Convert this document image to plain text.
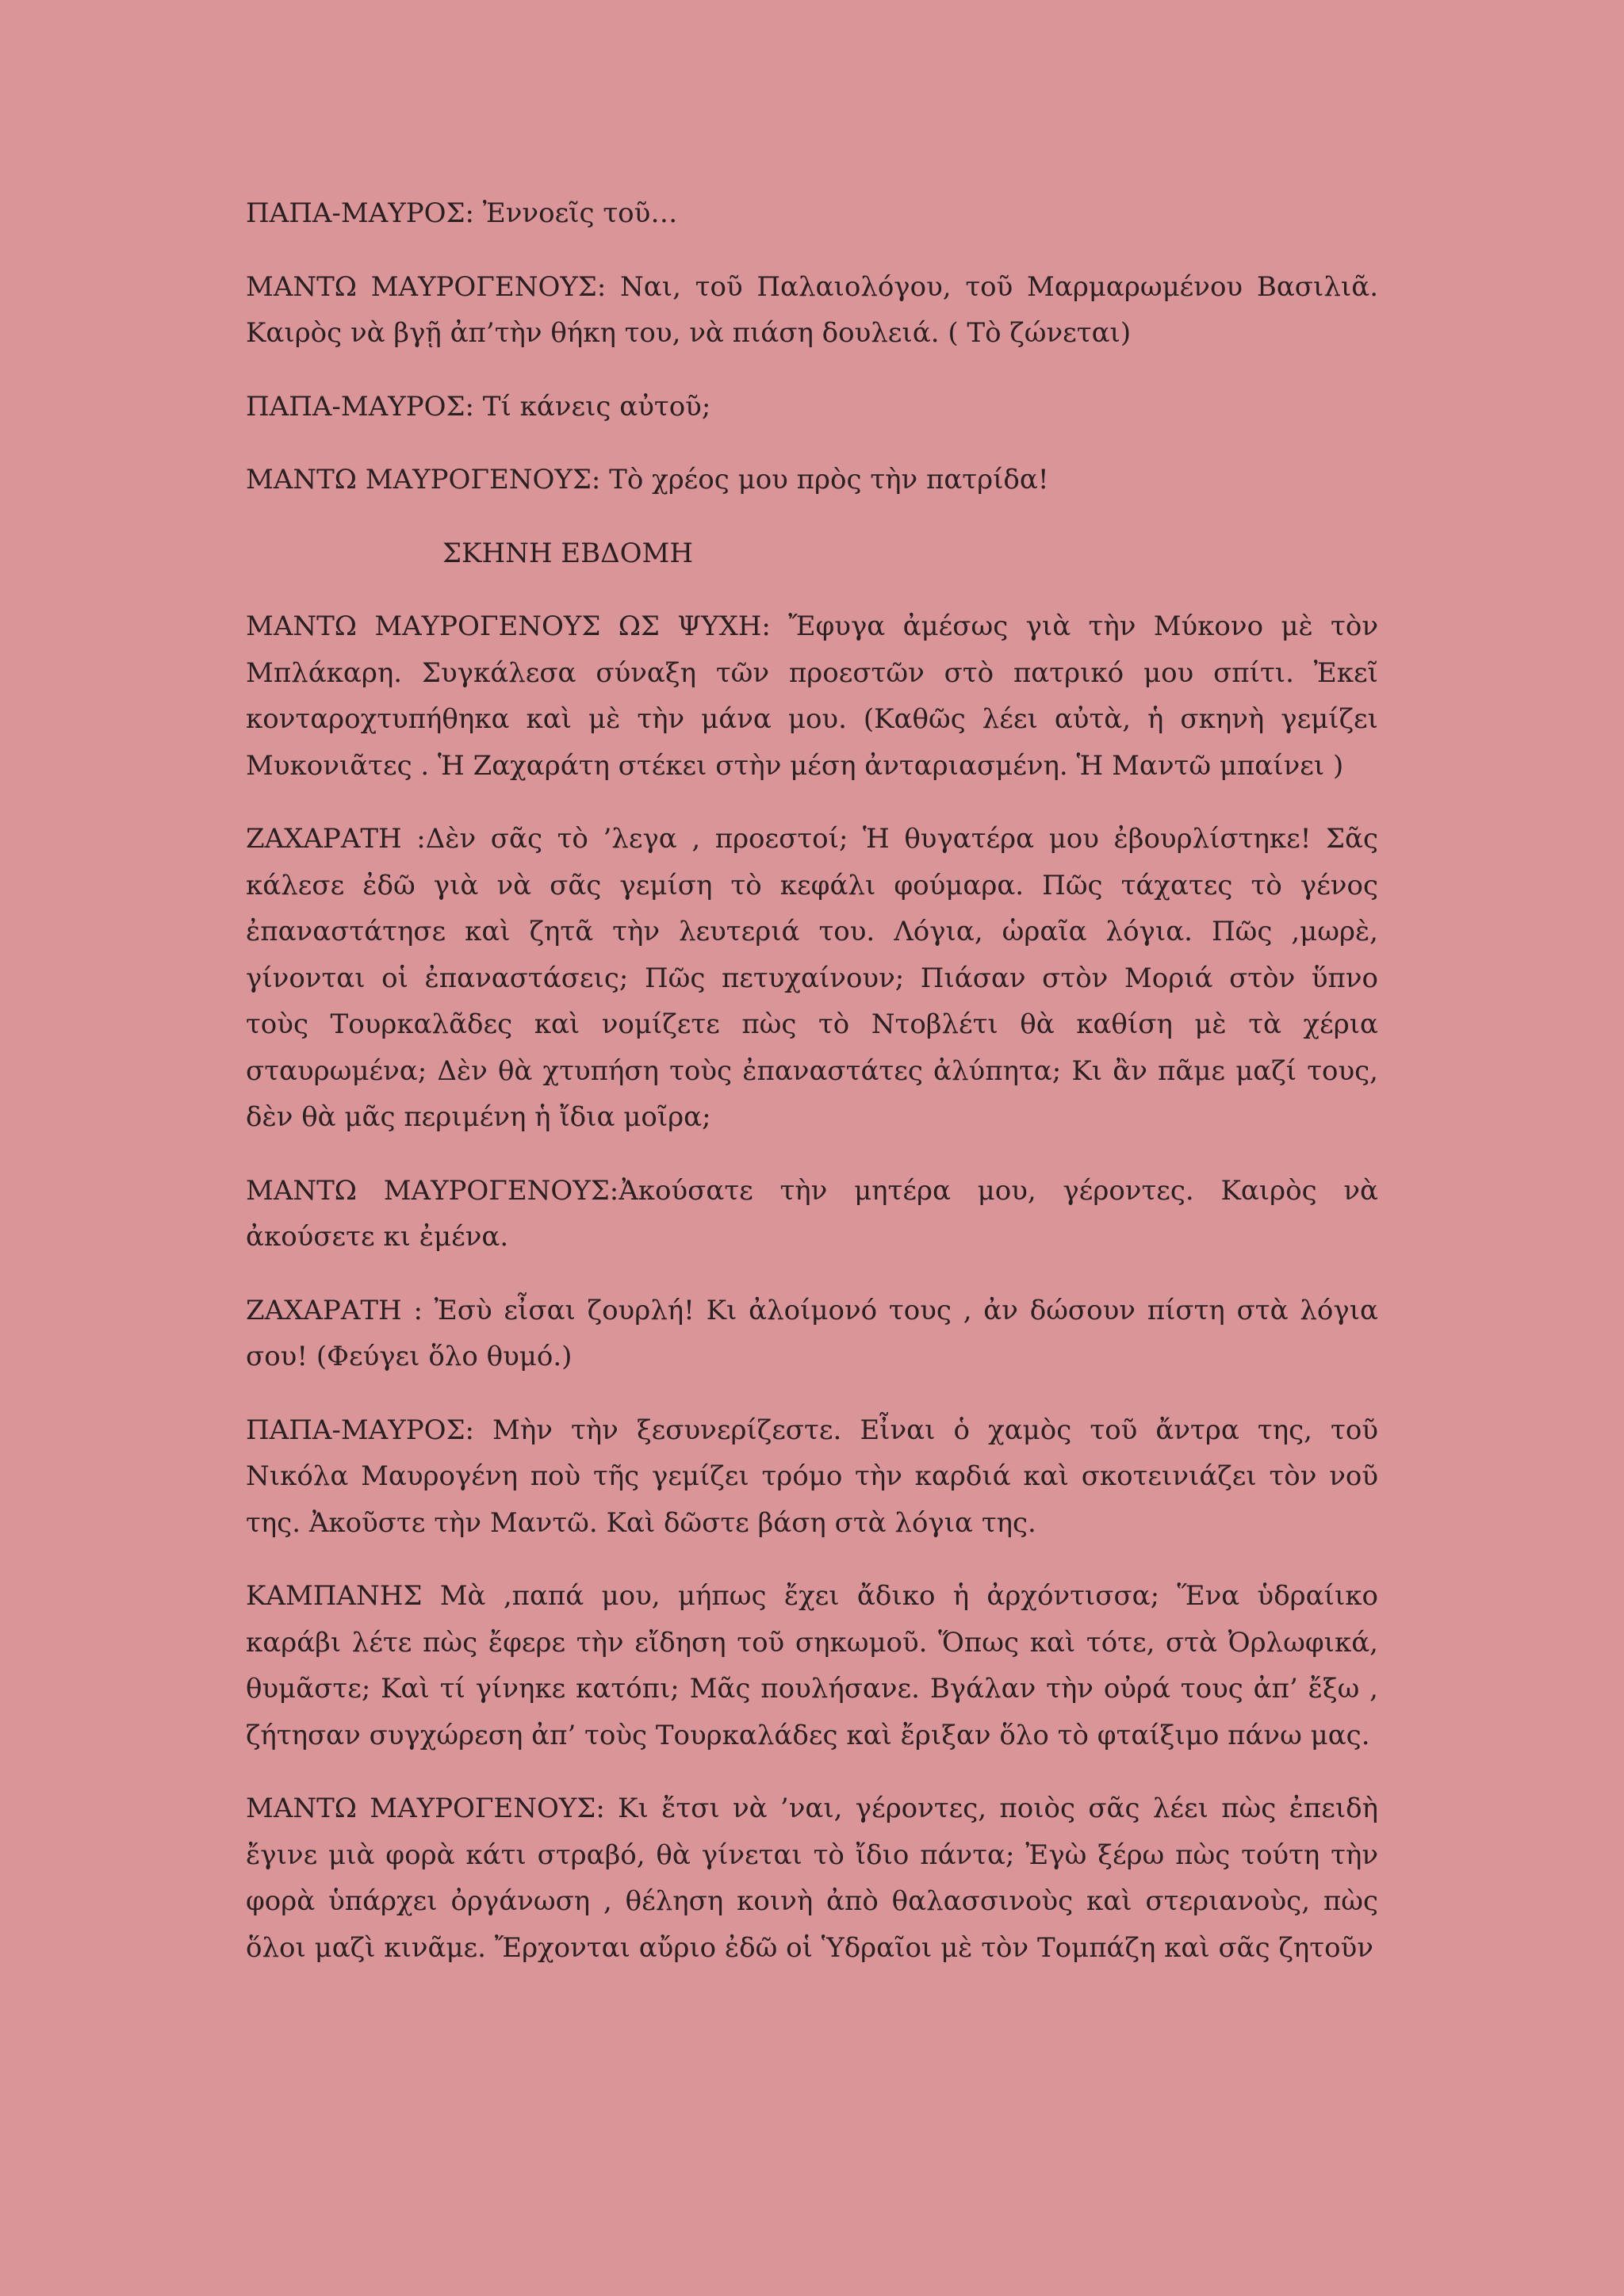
ΠΑΠΑ-ΜΑΥΡΟΣ: Ἐννοεῖς τοῦ…

ΜΑΝΤΩ ΜΑΥΡΟΓΕΝΟΥΣ: Ναι, τοῦ Παλαιολόγου, τοῦ Μαρμαρωμένου Βασιλιᾶ. Καιρὸς νὰ βγῇ ἀπ’τὴν θήκη του, νὰ πιάση δουλειά. ( Τὸ ζώνεται)

ΠΑΠΑ-ΜΑΥΡΟΣ: Τί κάνεις αὐτοῦ;

ΜΑΝΤΩ ΜΑΥΡΟΓΕΝΟΥΣ: Τὸ χρέος μου πρὸς τὴν πατρίδα!

ΣΚΗΝΗ ΕΒΔΟΜΗ

ΜΑΝΤΩ ΜΑΥΡΟΓΕΝΟΥΣ ΩΣ ΨΥΧΗ: Ἔφυγα ἀμέσως γιὰ τὴν Μύκονο μὲ τὸν Μπλάκαρη. Συγκάλεσα σύναξη τῶν προεστῶν στὸ πατρικό μου σπίτι. Ἐκεῖ κονταροχτυπήθηκα καὶ μὲ τὴν μάνα μου. (Καθῶς λέει αὐτὰ, ἡ σκηνὴ γεμίζει Μυκονιᾶτες . Ἡ Ζαχαράτη στέκει στὴν μέση ἀνταριασμένη. Ἡ Μαντῶ μπαίνει )

ΖΑΧΑΡΑΤΗ :Δὲν σᾶς τὸ ’λεγα , προεστοί; Ἡ θυγατέρα μου ἐβουρλίστηκε! Σᾶς κάλεσε ἐδῶ γιὰ νὰ σᾶς γεμίση τὸ κεφάλι φούμαρα. Πῶς τάχατες τὸ γένος ἐπαναστάτησε καὶ ζητᾶ τὴν λευτεριά του. Λόγια, ὡραῖα λόγια. Πῶς ,μωρὲ, γίνονται οἱ ἐπαναστάσεις; Πῶς πετυχαίνουν; Πιάσαν στὸν Μοριά στὸν ὕπνο τοὺς Τουρκαλᾶδες καὶ νομίζετε πὼς τὸ Ντοβλέτι θὰ καθίση μὲ τὰ χέρια σταυρωμένα; Δὲν θὰ χτυπήση τοὺς ἐπαναστάτες ἀλύπητα; Κι ἂν πᾶμε μαζί τους, δὲν θὰ μᾶς περιμένη ἡ ἴδια μοῖρα;

ΜΑΝΤΩ ΜΑΥΡΟΓΕΝΟΥΣ:Ἀκούσατε τὴν μητέρα μου, γέροντες. Καιρὸς νὰ ἀκούσετε κι ἐμένα.

ΖΑΧΑΡΑΤΗ : Ἐσὺ εἶσαι ζουρλή! Κι ἀλοίμονό τους , ἀν δώσουν πίστη στὰ λόγια σου! (Φεύγει ὅλο θυμό.)

ΠΑΠΑ-ΜΑΥΡΟΣ: Μὴν τὴν ξεσυνερίζεστε. Εἶναι ὁ χαμὸς τοῦ ἄντρα της, τοῦ Νικόλα Μαυρογένη ποὺ τῆς γεμίζει τρόμο τὴν καρδιά καὶ σκοτεινιάζει τὸν νοῦ της. Ἀκοῦστε τὴν Μαντῶ. Καὶ δῶστε βάση στὰ λόγια της.

ΚΑΜΠΑΝΗΣ Μὰ ,παπά μου, μήπως ἔχει ἄδικο ἡ ἀρχόντισσα; Ἕνα ὑδραίικο καράβι λέτε πὼς ἔφερε τὴν εἴδηση τοῦ σηκωμοῦ. Ὅπως καὶ τότε, στὰ Ὀρλωφικά, θυμᾶστε; Καὶ τί γίνηκε κατόπι; Μᾶς πουλήσανε. Βγάλαν τὴν οὐρά τους ἀπ’ ἔξω , ζήτησαν συγχώρεση ἀπ’ τοὺς Τουρκαλάδες καὶ ἔριξαν ὅλο τὸ φταίξιμο πάνω μας.

ΜΑΝΤΩ ΜΑΥΡΟΓΕΝΟΥΣ: Κι ἔτσι νὰ ’ναι, γέροντες, ποιὸς σᾶς λέει πὼς ἐπειδὴ ἔγινε μιὰ φορὰ κάτι στραβό, θὰ γίνεται τὸ ἴδιο πάντα; Ἐγὼ ξέρω πὼς τούτη τὴν φορὰ ὑπάρχει ὀργάνωση , θέληση κοινὴ ἀπὸ θαλασσινοὺς καὶ στεριανοὺς, πὼς ὅλοι μαζὶ κινᾶμε. Ἔρχονται αὔριο ἐδῶ οἱ Ὑδραῖοι μὲ τὸν Τομπάζη καὶ σᾶς ζητοῦν
